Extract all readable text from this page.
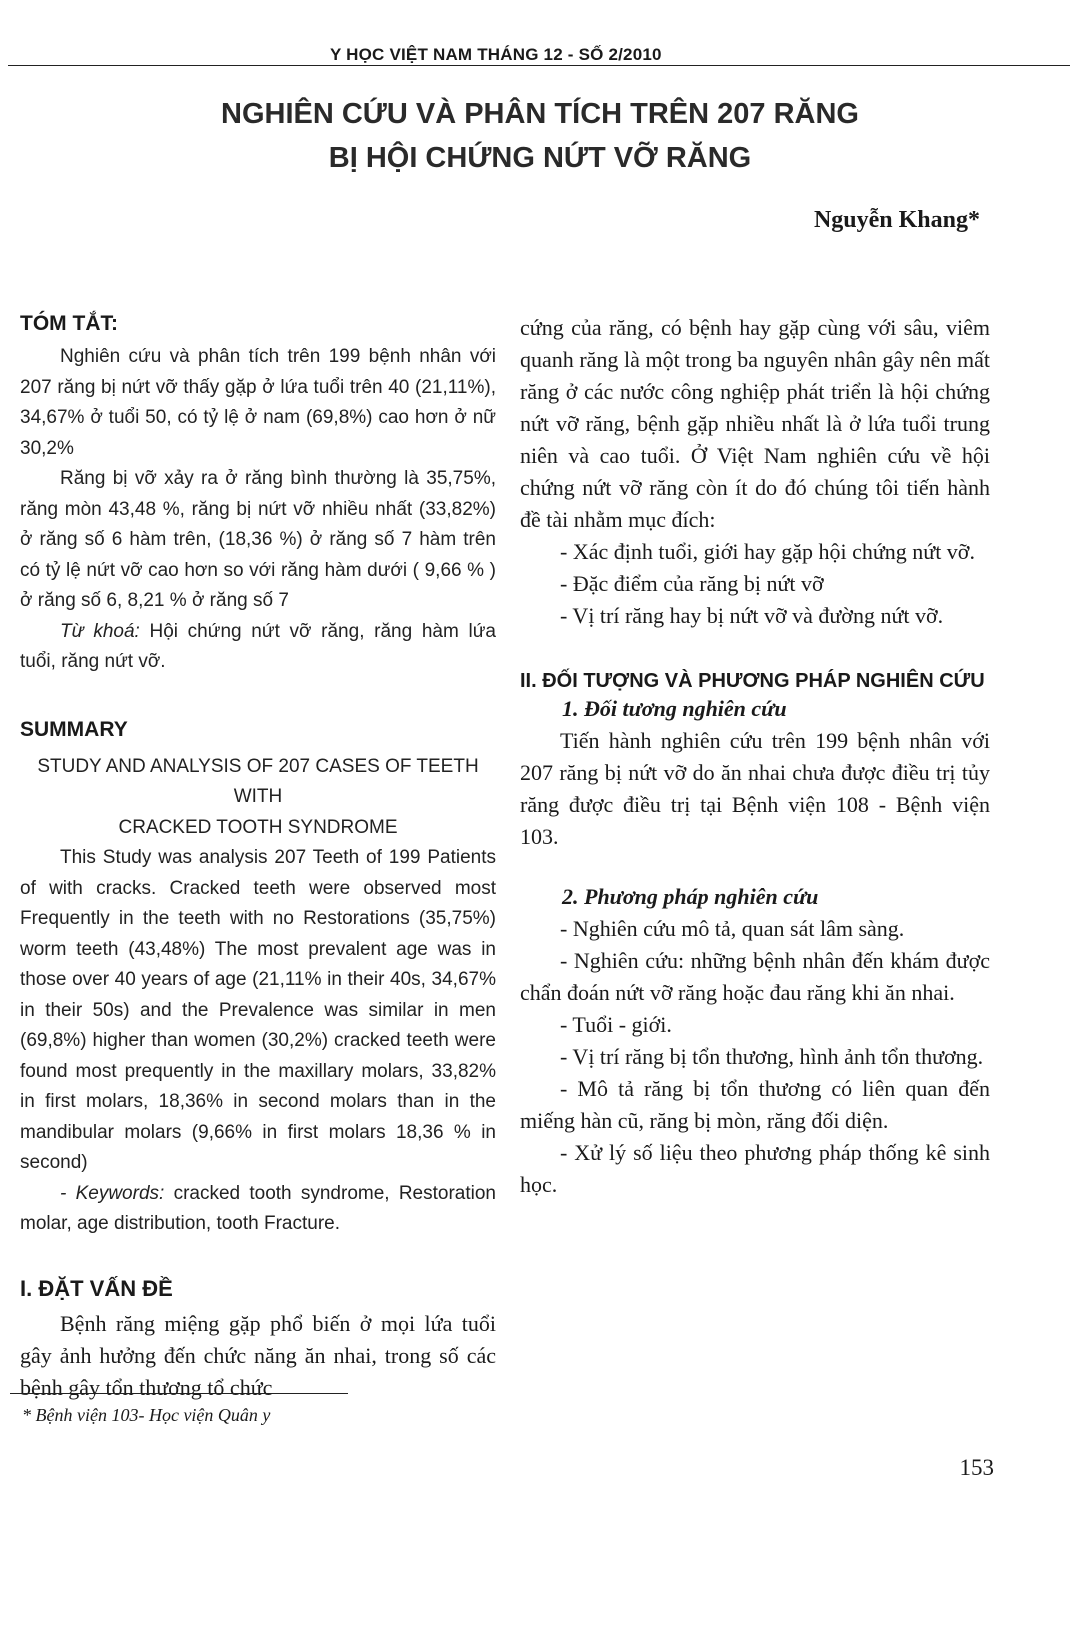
Y HỌC VIỆT NAM THÁNG 12 - SỐ 2/2010
NGHIÊN CỨU VÀ PHÂN TÍCH TRÊN 207 RĂNG
BỊ HỘI CHỨNG NỨT VỠ RĂNG
Nguyễn Khang*
TÓM TẮT:

Nghiên cứu và phân tích trên 199 bệnh nhân với 207 răng bị nứt vỡ thấy gặp ở lứa tuổi trên 40 (21,11%), 34,67% ở tuổi 50, có tỷ lệ ở nam (69,8%) cao hơn ở nữ 30,2%

Răng bị vỡ xảy ra ở răng bình thường là 35,75%, răng mòn 43,48 %, răng bị nứt vỡ nhiều nhất (33,82%) ở răng số 6 hàm trên, (18,36 %) ở răng số 7 hàm trên có tỷ lệ nứt vỡ cao hơn so với răng hàm dưới ( 9,66 % ) ở răng số 6, 8,21 % ở răng số 7

Từ khoá: Hội chứng nứt vỡ răng, răng hàm lứa tuổi, răng nứt vỡ.

SUMMARY

STUDY AND ANALYSIS OF 207 CASES OF TEETH WITH

CRACKED TOOTH SYNDROME

This Study was analysis 207 Teeth of 199 Patients of with cracks. Cracked teeth were observed most Frequently in the teeth with no Restorations (35,75%) worm teeth (43,48%) The most prevalent age was in those over 40 years of age (21,11% in their 40s, 34,67% in their 50s) and the Prevalence was similar in men (69,8%) higher than women (30,2%) cracked teeth were found most prequently in the maxillary molars, 33,82% in first molars, 18,36% in second molars than in the mandibular molars (9,66% in first molars 18,36 % in second)

- Keywords: cracked tooth syndrome, Restoration molar, age distribution, tooth Fracture.

I. ĐẶT VẤN ĐỀ

Bệnh răng miệng gặp phổ biến ở mọi lứa tuổi gây ảnh hưởng đến chức năng ăn nhai, trong số các bệnh gây tổn thương tổ chức

cứng của răng, có bệnh hay gặp cùng với sâu, viêm quanh răng là một trong ba nguyên nhân gây nên mất răng ở các nước công nghiệp phát triển là hội chứng nứt vỡ răng, bệnh gặp nhiều nhất là ở lứa tuổi trung niên và cao tuổi. Ở Việt Nam nghiên cứu về hội chứng nứt vỡ răng còn ít do đó chúng tôi tiến hành đề tài nhằm mục đích:

- Xác định tuổi, giới hay gặp hội chứng nứt vỡ.

- Đặc điểm của răng bị nứt vỡ

- Vị trí răng hay bị nứt vỡ và đường nứt vỡ.

II. ĐỐI TƯỢNG VÀ PHƯƠNG PHÁP NGHIÊN CỨU

1. Đối tương nghiên cứu

Tiến hành nghiên cứu trên 199 bệnh nhân với 207 răng bị nứt vỡ do ăn nhai chưa được điều trị tủy răng được điều trị tại Bệnh viện 108 - Bệnh viện 103.

2. Phương pháp nghiên cứu

- Nghiên cứu mô tả, quan sát lâm sàng.

- Nghiên cứu: những bệnh nhân đến khám được chẩn đoán nứt vỡ răng hoặc đau răng khi ăn nhai.

- Tuổi - giới.

- Vị trí răng bị tổn thương, hình ảnh tổn thương.

- Mô tả răng bị tổn thương có liên quan đến miếng hàn cũ, răng bị mòn, răng đối diện.

- Xử lý số liệu theo phương pháp thống kê sinh học.

* Bệnh viện 103- Học viện Quân y
153
